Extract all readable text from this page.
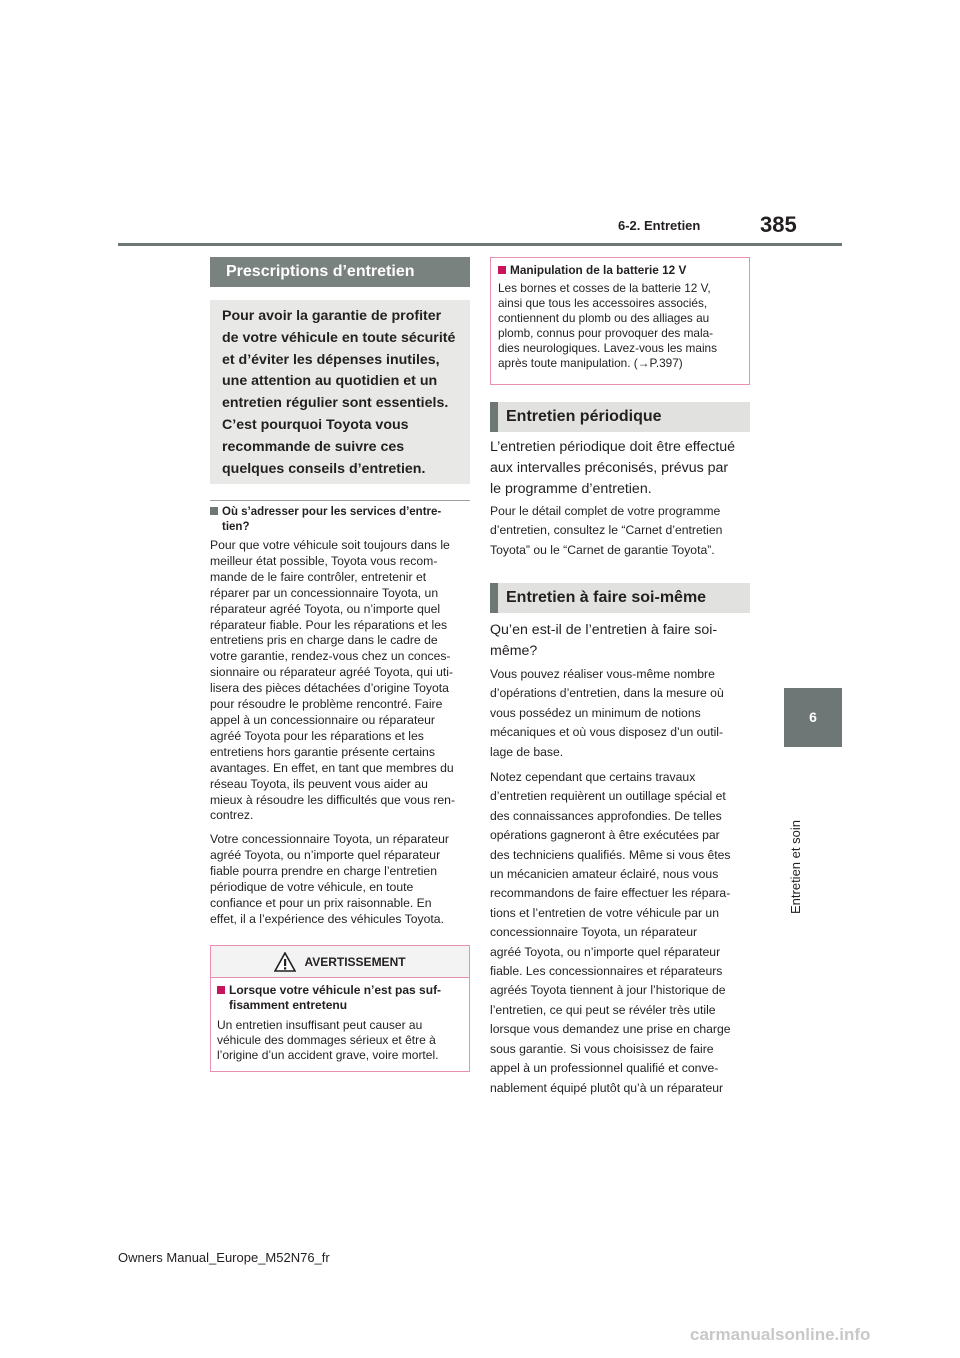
6-2. Entretien	385
6
Entretien et soin
Prescriptions d’entretien

Pour avoir la garantie de profiter

de votre véhicule en toute sécurité

et d’éviter les dépenses inutiles,

une attention au quotidien et un

entretien régulier sont essentiels.

C’est pourquoi Toyota vous

recommande de suivre ces

quelques conseils d’entretien.

Où s’adresser pour les services d’entre-
tien?
Pour que votre véhicule soit toujours dans le
meilleur état possible, Toyota vous recom-
mande de le faire contrôler, entretenir et
réparer par un concessionnaire Toyota, un
réparateur agréé Toyota, ou n’importe quel
réparateur fiable. Pour les réparations et les
entretiens pris en charge dans le cadre de
votre garantie, rendez-vous chez un conces-
sionnaire ou réparateur agréé Toyota, qui uti-
lisera des pièces détachées d’origine Toyota
pour résoudre le problème rencontré. Faire
appel à un concessionnaire ou réparateur
agréé Toyota pour les réparations et les
entretiens hors garantie présente certains
avantages. En effet, en tant que membres du
réseau Toyota, ils peuvent vous aider au
mieux à résoudre les difficultés que vous ren-
contrez.
Votre concessionnaire Toyota, un réparateur
agréé Toyota, ou n’importe quel réparateur
fiable pourra prendre en charge l’entretien
périodique de votre véhicule, en toute
confiance et pour un prix raisonnable. En
effet, il a l’expérience des véhicules Toyota.
AVERTISSEMENT
Lorsque votre véhicule n’est pas suf-
fisamment entretenu
Un entretien insuffisant peut causer au
véhicule des dommages sérieux et être à
l’origine d’un accident grave, voire mortel.
Manipulation de la batterie 12 V
Les bornes et cosses de la batterie 12 V,
ainsi que tous les accessoires associés,
contiennent du plomb ou des alliages au
plomb, connus pour provoquer des mala-
dies neurologiques. Lavez-vous les mains
après toute manipulation. (→P.397)
Entretien périodique
L’entretien périodique doit être effectué
aux intervalles préconisés, prévus par
le programme d’entretien.
Pour le détail complet de votre programme
d’entretien, consultez le “Carnet d’entretien
Toyota” ou le “Carnet de garantie Toyota”.
Entretien à faire soi-même
Qu’en est-il de l’entretien à faire soi-
même?
Vous pouvez réaliser vous-même nombre
d’opérations d’entretien, dans la mesure où
vous possédez un minimum de notions
mécaniques et où vous disposez d’un outil-
lage de base.
Notez cependant que certains travaux
d’entretien requièrent un outillage spécial et
des connaissances approfondies. De telles
opérations gagneront à être exécutées par
des techniciens qualifiés. Même si vous êtes
un mécanicien amateur éclairé, nous vous
recommandons de faire effectuer les répara-
tions et l’entretien de votre véhicule par un
concessionnaire Toyota, un réparateur
agréé Toyota, ou n’importe quel réparateur
fiable. Les concessionnaires et réparateurs
agréés Toyota tiennent à jour l’historique de
l’entretien, ce qui peut se révéler très utile
lorsque vous demandez une prise en charge
sous garantie. Si vous choisissez de faire
appel à un professionnel qualifié et conve-
nablement équipé plutôt qu’à un réparateur
Owners Manual_Europe_M52N76_fr
carmanualsonline.info
